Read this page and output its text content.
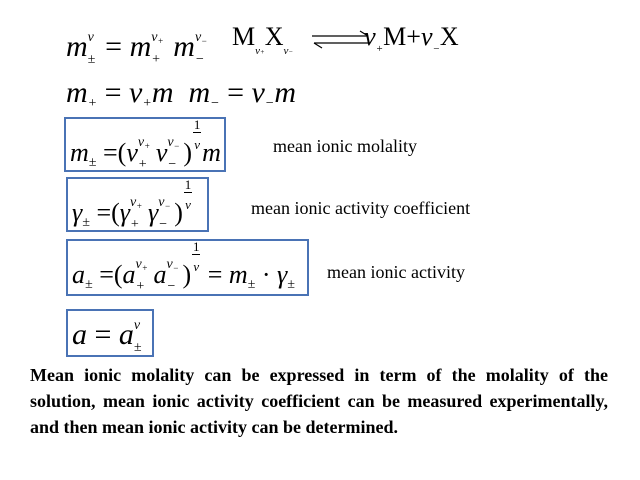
m v
± = m $v_+$
+ m $v_-$
−
$M_{v+}X_{v-}$  $v_+M+v_-X$
$m_+ = v_+m$ $m_- = v_-m$
$m_\pm =(v$ $v_+$
+ v $v_-$
− ) $\frac{1}{v}$ m	mean ionic molality
$\gamma_\pm =(\gamma$ $v_+$
+ γ $v_-$
− ) $\frac{1}{v}$
mean ionic activity coefficient
$a_\pm =(a$ $v_+$
+ a $v_-$
− ) $\frac{1}{v} = m_\pm \cdot \gamma_\pm$
mean ionic activity
a = a v
±
Mean ionic molality can be expressed in term of the molality of the solution, mean ionic activity coefficient can be measured experimentally, and then mean ionic activity can be determined.
